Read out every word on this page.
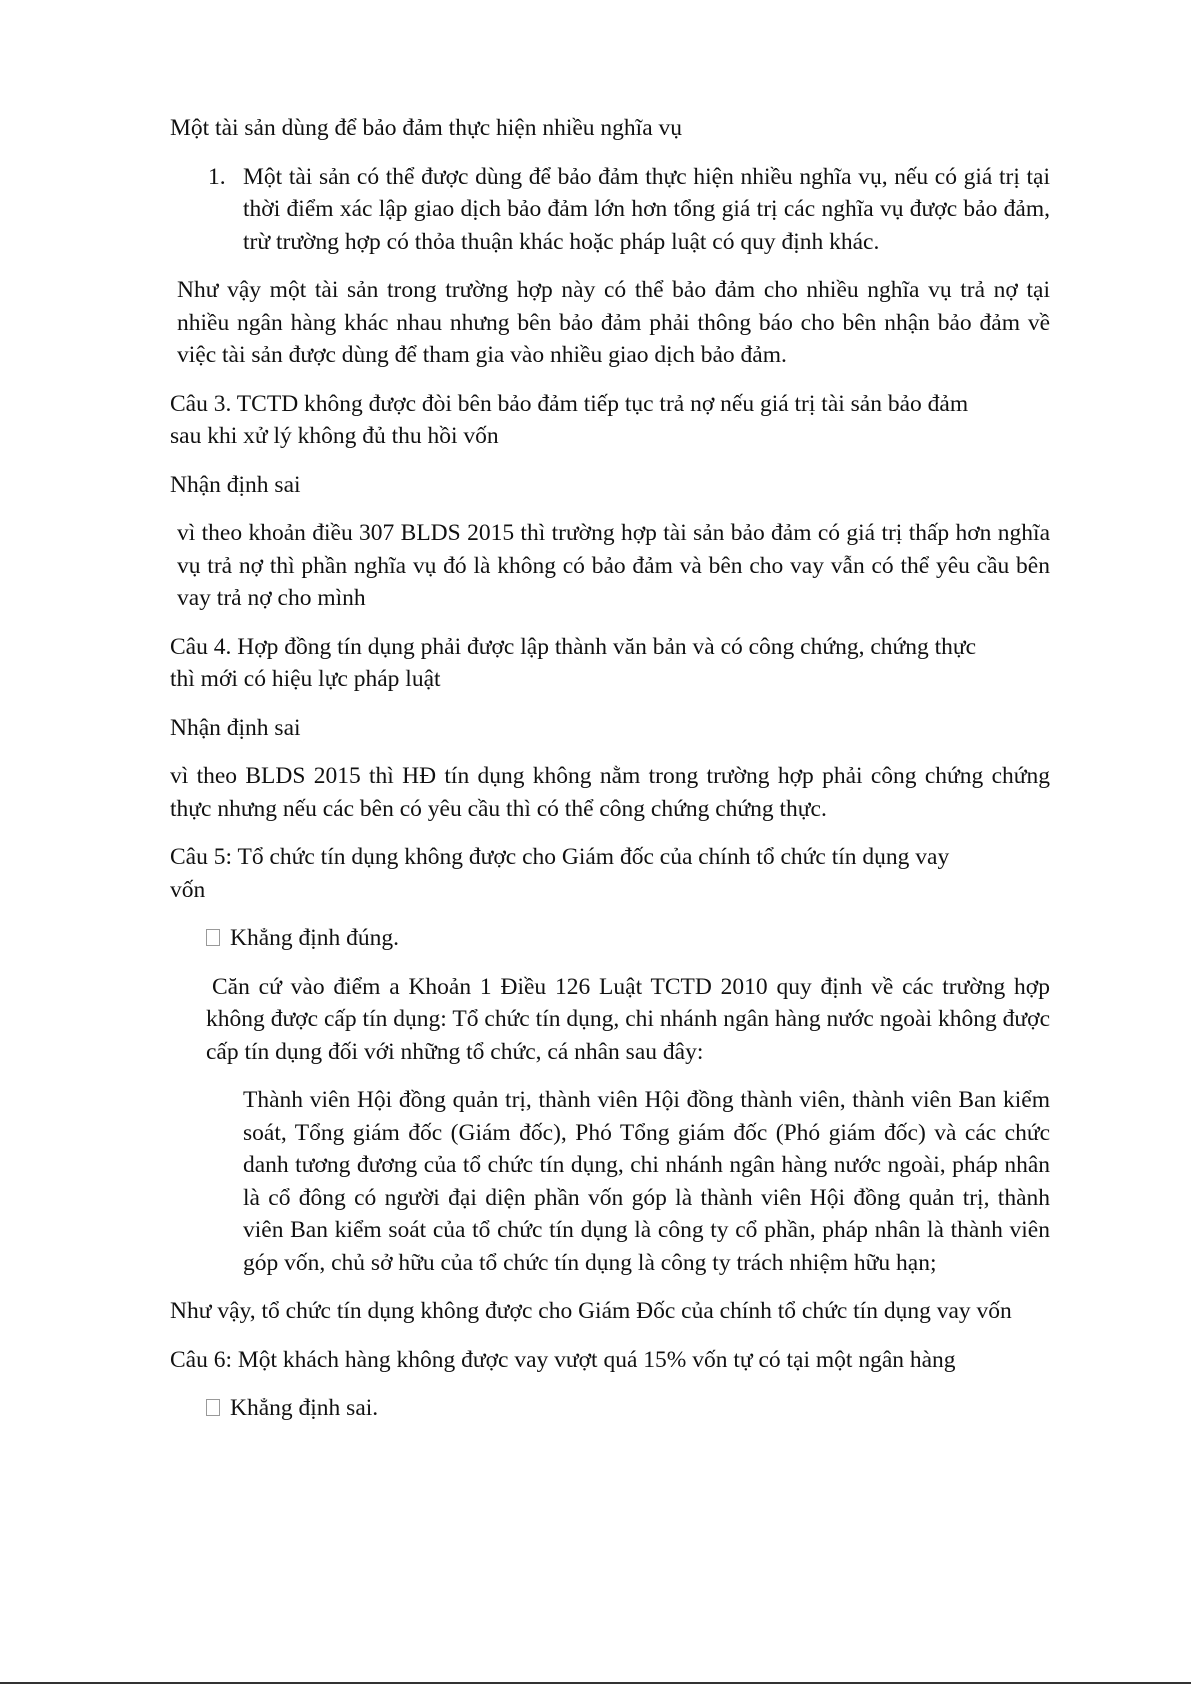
Một tài sản dùng để bảo đảm thực hiện nhiều nghĩa vụ

1. Một tài sản có thể được dùng để bảo đảm thực hiện nhiều nghĩa vụ, nếu có giá trị tại thời điểm xác lập giao dịch bảo đảm lớn hơn tổng giá trị các nghĩa vụ được bảo đảm, trừ trường hợp có thỏa thuận khác hoặc pháp luật có quy định khác.

Như vậy một tài sản trong trường hợp này có thể bảo đảm cho nhiều nghĩa vụ trả nợ tại nhiều ngân hàng khác nhau nhưng bên bảo đảm phải thông báo cho bên nhận bảo đảm về việc tài sản được dùng để tham gia vào nhiều giao dịch bảo đảm.

Câu 3. TCTD không được đòi bên bảo đảm tiếp tục trả nợ nếu giá trị tài sản bảo đảm sau khi xử lý không đủ thu hồi vốn

Nhận định sai

vì theo khoản điều 307 BLDS 2015 thì trường hợp tài sản bảo đảm có giá trị thấp hơn nghĩa vụ trả nợ thì phần nghĩa vụ đó là không có bảo đảm và bên cho vay vẫn có thể yêu cầu bên vay trả nợ cho mình

Câu 4. Hợp đồng tín dụng phải được lập thành văn bản và có công chứng, chứng thực thì mới có hiệu lực pháp luật

Nhận định sai

vì theo BLDS 2015 thì HĐ tín dụng không nằm trong trường hợp phải công chứng chứng thực nhưng nếu các bên có yêu cầu thì có thể công chứng chứng thực.

Câu 5: Tổ chức tín dụng không được cho Giám đốc của chính tổ chức tín dụng vay vốn

Khẳng định đúng.

Căn cứ vào điểm a Khoản 1 Điều 126 Luật TCTD 2010 quy định về các trường hợp không được cấp tín dụng: Tổ chức tín dụng, chi nhánh ngân hàng nước ngoài không được cấp tín dụng đối với những tổ chức, cá nhân sau đây:

Thành viên Hội đồng quản trị, thành viên Hội đồng thành viên, thành viên Ban kiểm soát, Tổng giám đốc (Giám đốc), Phó Tổng giám đốc (Phó giám đốc) và các chức danh tương đương của tổ chức tín dụng, chi nhánh ngân hàng nước ngoài, pháp nhân là cổ đông có người đại diện phần vốn góp là thành viên Hội đồng quản trị, thành viên Ban kiểm soát của tổ chức tín dụng là công ty cổ phần, pháp nhân là thành viên góp vốn, chủ sở hữu của tổ chức tín dụng là công ty trách nhiệm hữu hạn;

Như vậy, tổ chức tín dụng không được cho Giám Đốc của chính tổ chức tín dụng vay vốn

Câu 6: Một khách hàng không được vay vượt quá 15% vốn tự có tại một ngân hàng

Khẳng định sai.
